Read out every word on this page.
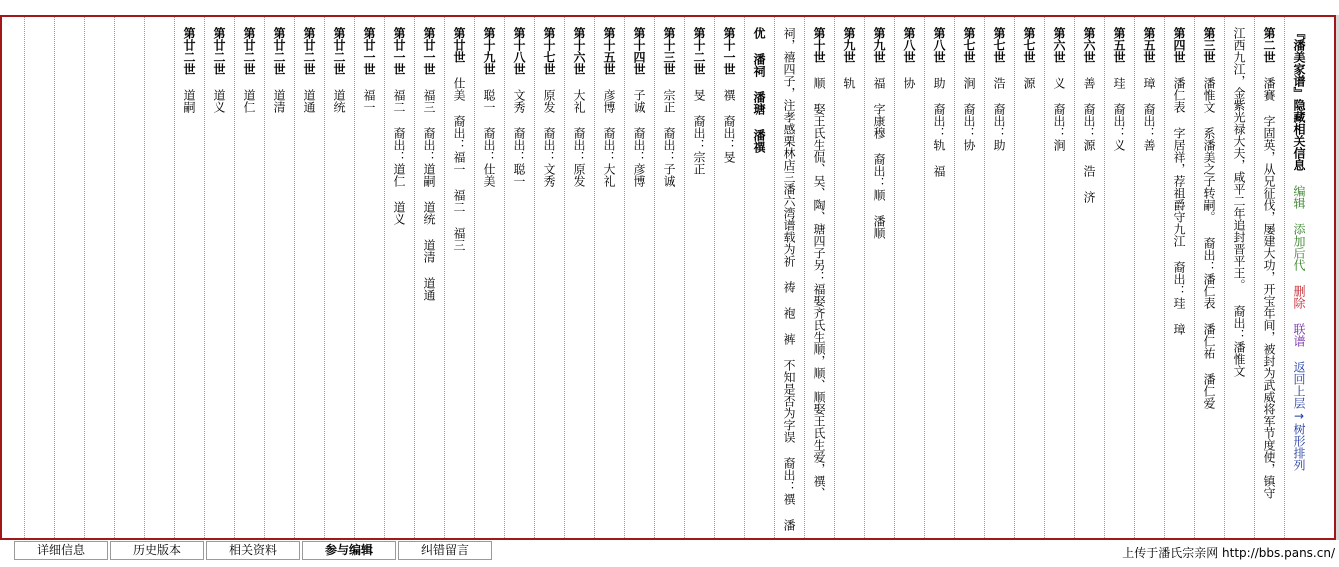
『潘美家谱』隐藏相关信息 编辑 添加后代 删除 联谱 返回上层→树形排列
第二世 潘賽 字固英，从兄征伐，屡建大功，开宝年间，被封为武威将军节度使，镇守
江西九江，金紫光禄大夫，咸平二年追封晋平王。 裔出：潘惟文
第三世 潘惟文 系潘美之子转嗣。 裔出：潘仁表 潘仁祐 潘仁爱
第四世 潘仁表 字居祥，荐祖爵守九江 裔出：珪 璋
第五世 璋 裔出：善
第五世 珪 裔出：义
第六世 善 裔出：源 浩 济
第六世 义 裔出：涧
第七世 源
第七世 浩 裔出：助
第七世 涧 裔出：协
第八世 助 裔出：轨 福
第八世 协
第九世 福 字康穆 裔出：顺 潘顺
第九世 轨
第十世 顺 娶王氏生侃、吴、陶、瑭四子另：福娶齐氏生顺，顺、顺娶王氏生爱，禩、
祠，禧四子，注孝感栗林店三潘六湾谱载为祈 祷 袍 裤 不知是否为字误 裔出：禩 潘
优 潘祠 潘瑭 潘禩
第十一世 禩 裔出：旻
第十二世 旻 裔出：宗正
第十三世 宗正 裔出：子诚
第十四世 子诚 裔出：彦博
第十五世 彦博 裔出：大礼
第十六世 大礼 裔出：原发
第十七世 原发 裔出：文秀
第十八世 文秀 裔出：聪一
第十九世 聪一 裔出：仕美
第廿世 仕美 裔出：福一 福二 福三
第廿一世 福三 裔出：道嗣 道统 道清 道通
第廿一世 福二 裔出：道仁 道义
第廿一世 福一
第廿二世 道统
第廿二世 道通
第廿二世 道清
第廿二世 道仁
第廿二世 道义
第廿二世 道嗣
详细信息	历史版本	相关资料	参与编辑	纠错留言	上传于潘氏宗亲网 http://bbs.pans.cn/
